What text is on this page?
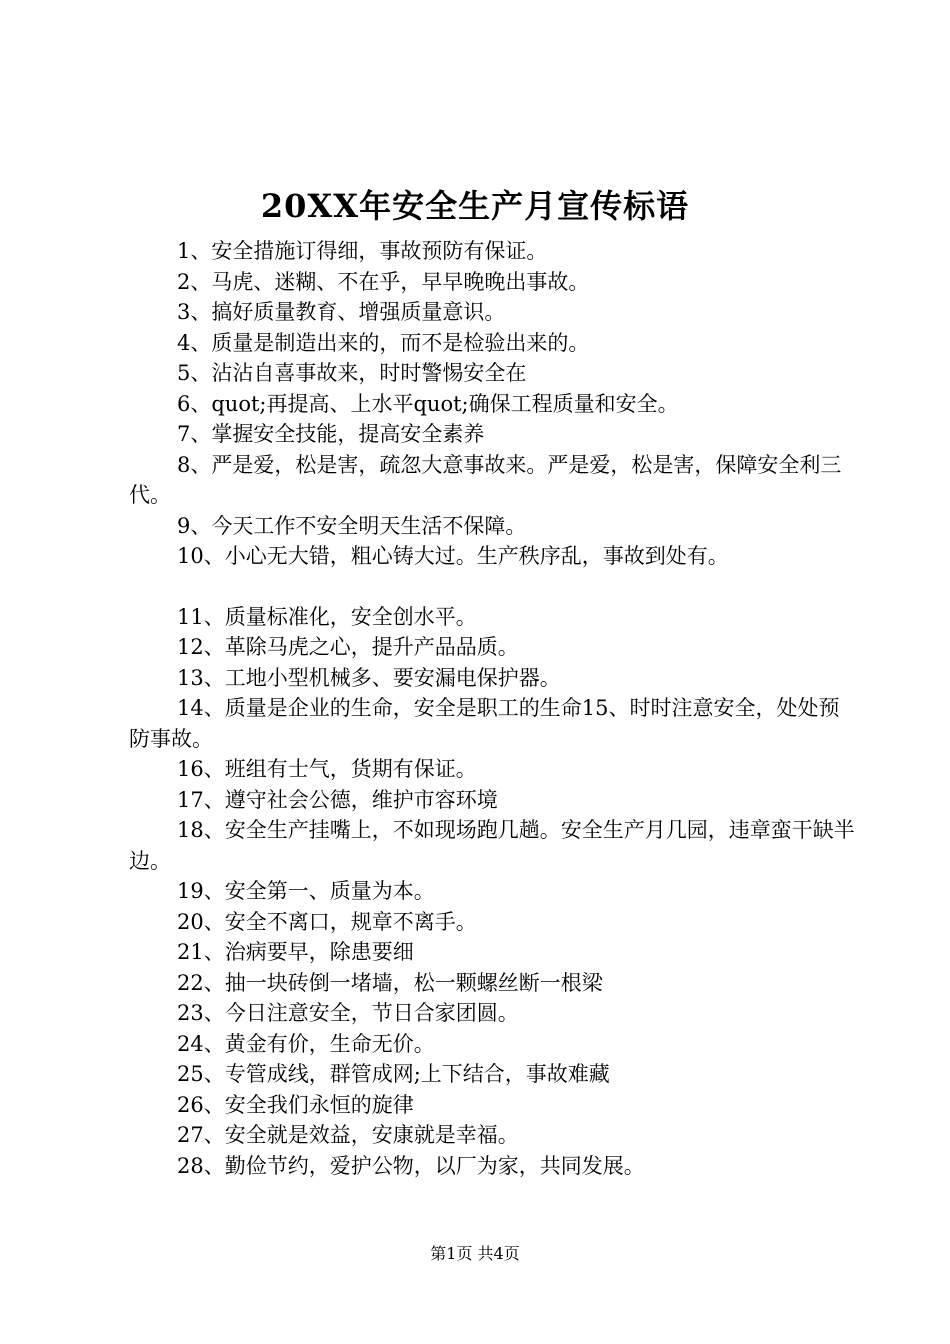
20XX年安全生产月宣传标语

1、安全措施订得细，事故预防有保证。

2、马虎、迷糊、不在乎，早早晚晚出事故。

3、搞好质量教育、增强质量意识。

4、质量是制造出来的，而不是检验出来的。

5、沾沾自喜事故来，时时警惕安全在

6、quot;再提高、上水平quot;确保工程质量和安全。

7、掌握安全技能，提高安全素养

8、严是爱，松是害，疏忽大意事故来。严是爱，松是害，保障安全利三代。

9、今天工作不安全明天生活不保障。

10、小心无大错，粗心铸大过。生产秩序乱，事故到处有。

11、质量标准化，安全创水平。

12、革除马虎之心，提升产品品质。

13、工地小型机械多、要安漏电保护器。

14、质量是企业的生命，安全是职工的生命15、时时注意安全，处处预防事故。

16、班组有士气，货期有保证。

17、遵守社会公德，维护市容环境

18、安全生产挂嘴上，不如现场跑几趟。安全生产月几园，违章蛮干缺半边。

19、安全第一、质量为本。

20、安全不离口，规章不离手。

21、治病要早，除患要细

22、抽一块砖倒一堵墙，松一颗螺丝断一根梁

23、今日注意安全，节日合家团圆。

24、黄金有价，生命无价。

25、专管成线，群管成网;上下结合，事故难藏

26、安全我们永恒的旋律

27、安全就是效益，安康就是幸福。

28、勤俭节约，爱护公物，以厂为家，共同发展。

第1页 共4页
